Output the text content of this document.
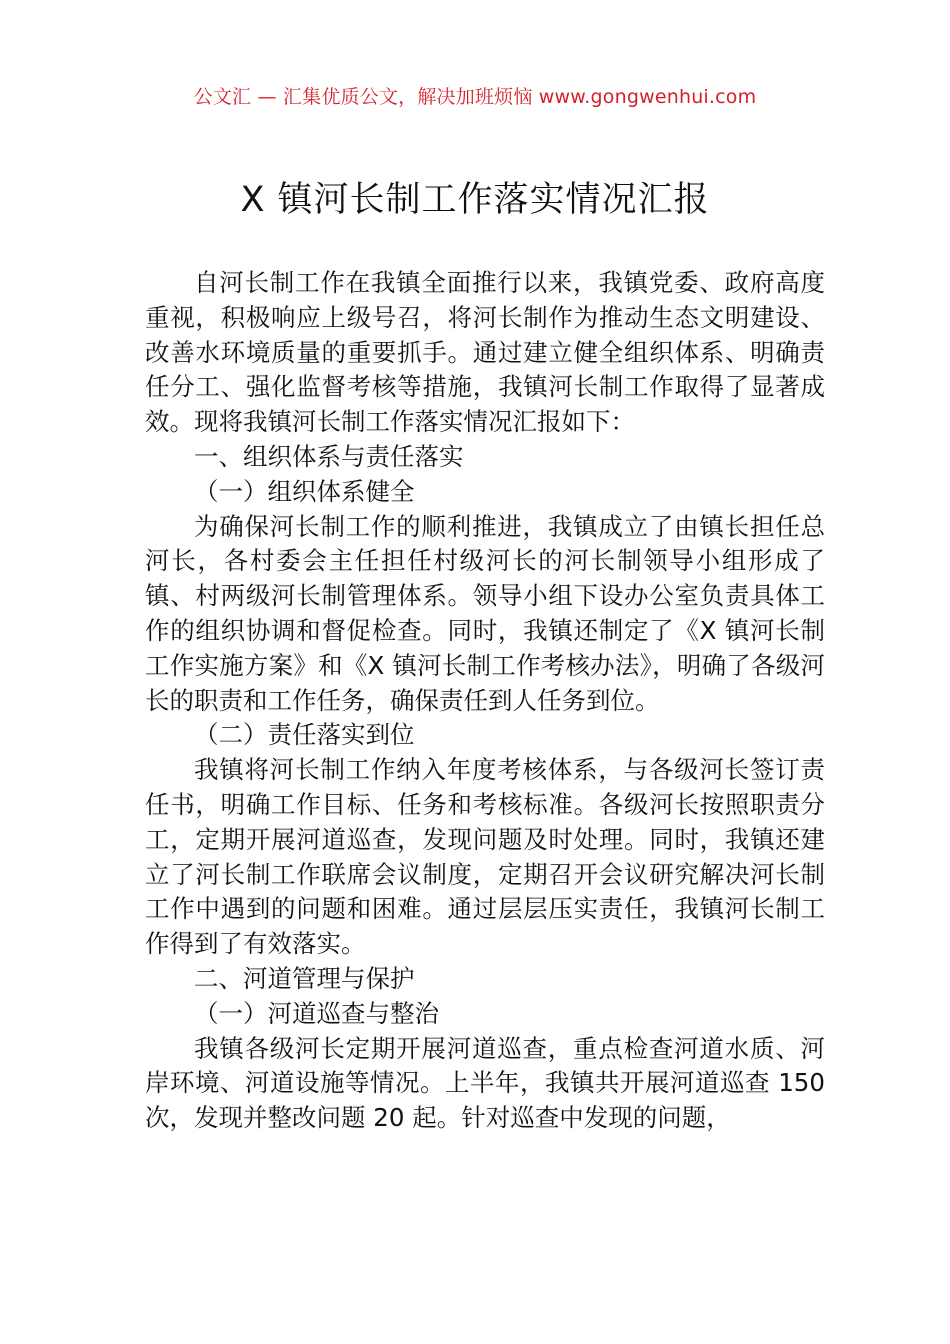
公文汇 — 汇集优质公文，解决加班烦恼 www.gongwenhui.com
X 镇河长制工作落实情况汇报

自河长制工作在我镇全面推行以来，我镇党委、政府高度重视，积极响应上级号召，将河长制作为推动生态文明建设、改善水环境质量的重要抓手。通过建立健全组织体系、明确责任分工、强化监督考核等措施，我镇河长制工作取得了显著成效。现将我镇河长制工作落实情况汇报如下：

一、组织体系与责任落实

（一）组织体系健全

为确保河长制工作的顺利推进，我镇成立了由镇长担任总河长，各村委会主任担任村级河长的河长制领导小组形成了镇、村两级河长制管理体系。领导小组下设办公室负责具体工作的组织协调和督促检查。同时，我镇还制定了《X 镇河长制工作实施方案》和《X 镇河长制工作考核办法》，明确了各级河长的职责和工作任务，确保责任到人任务到位。

（二）责任落实到位

我镇将河长制工作纳入年度考核体系，与各级河长签订责任书，明确工作目标、任务和考核标准。各级河长按照职责分工，定期开展河道巡查，发现问题及时处理。同时，我镇还建立了河长制工作联席会议制度，定期召开会议研究解决河长制工作中遇到的问题和困难。通过层层压实责任，我镇河长制工作得到了有效落实。

二、河道管理与保护

（一）河道巡查与整治

我镇各级河长定期开展河道巡查，重点检查河道水质、河岸环境、河道设施等情况。上半年，我镇共开展河道巡查 150 次，发现并整改问题 20 起。针对巡查中发现的问题，
